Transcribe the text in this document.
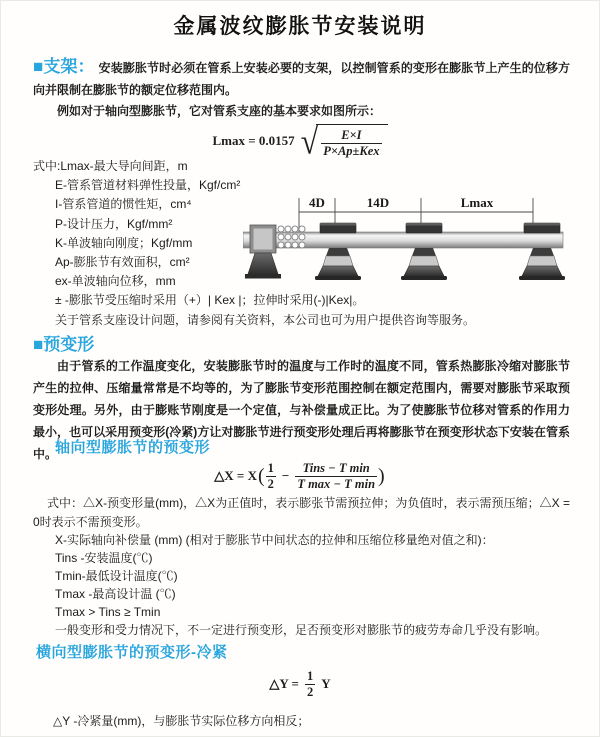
金属波纹膨胀节安装说明
■支架： 安装膨胀节时必须在管系上安装必要的支架，以控制管系的变形在膨胀节上产生的位移方向并限制在膨胀节的额定位移范围内。
例如对于轴向型膨胀节，它对管系支座的基本要求如图所示：
Lmax = 0.0157 √ $\frac{E\times I}{\text{P×Ap±Kex}}$
式中:Lmax-最大导向间距，m
E-管系管道材料弹性投量，Kgf/cm²
I-管系管道的惯性矩，cm⁴
P-设计压力，Kgf/mm²
K-单波轴向刚度；Kgf/mm
Ap-膨胀节有效面积，cm²
ex-单波轴向位移，mm
± -膨胀节受压缩时采用（+）| Kex |；拉伸时采用(-)|Kex|。
关于管系支座设计问题，请参阅有关资料，本公司也可为用户提供咨询等服务。
4D	14D	Lmax
■预变形
由于管系的工作温度变化，安装膨胀节时的温度与工作时的温度不同，管系热膨胀冷缩对膨胀节产生的拉伸、压缩量常常是不均等的，为了膨胀节变形范围控制在额定范围内，需要对膨胀节采取预变形处理。另外，由于膨账节刚度是一个定值，与补偿量成正比。为了使膨胀节位移对管系的作用力最小，也可以采用预变形(冷紧)方让对膨胀节进行预变形处理后再将膨胀节在预变形状态下安装在管系中。
轴向型膨胀节的预变形
△X = X ( $\frac{1}{2} - \frac{\text{Tins − T min}}{\text{T max − T min}}$ )
式中：△X-预变形量(mm)，△X为正值时，表示膨张节需预拉伸；为负值时，表示需预压缩；△X = 0时表示不需预变形。
X-实际轴向补偿量 (mm) (相对于膨胀节中间状态的拉伸和压缩位移量绝对值之和)：
Tins -安装温度(℃)
Tmin-最低设计温度(℃)
Tmax -最高设计温 (℃)
Tmax > Tins ≥ Tmin
一般变形和受力情况下，不一定进行预变形，足否预变形对膨胀节的疲劳寿命几乎没有影响。
横向型膨胀节的预变形-冷紧
△Y = $\frac{1}{2}$ Y
△Y -冷紧量(mm)，与膨胀节实际位移方向相反；
